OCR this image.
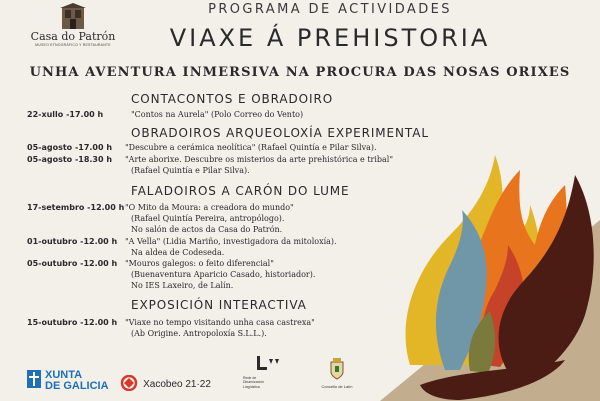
Casa do Patrón
MUSEO ETNOGRÁFICO Y RESTAURANTE
PROGRAMA DE ACTIVIDADES
VIAXE Á PREHISTORIA
UNHA AVENTURA INMERSIVA NA PROCURA DAS NOSAS ORIXES
CONTACONTOS E OBRADOIRO
22-xullo -17.00 h	"Contos na Aurela" (Polo Correo do Vento)
OBRADOIROS ARQUEOLOXÍA EXPERIMENTAL
05-agosto -17.00 h "Descubre a cerámica neolítica" (Rafael Quintía e Pilar Silva).
05-agosto -18.30 h "Arte aborixe. Descubre os misterios da arte prehistórica e tribal"
(Rafael Quintía e Pilar Silva).
FALADOIROS A CARÓN DO LUME
17-setembro -12.00 h "O Mito da Moura: a creadora do mundo"
(Rafael Quintía Pereira, antropólogo).
No salón de actos da Casa do Patrón.
01-outubro -12.00 h "A Vella" (Lidia Mariño, investigadora da mitoloxía).
Na aldea de Codeseda.
05-outubro -12.00 h "Mouros galegos: o feito diferencial"
(Buenaventura Aparicio Casado, historiador).
No IES Laxeiro, de Lalín.
EXPOSICIÓN INTERACTIVA
15-outubro -12.00 h "Viaxe no tempo visitando unha casa castrexa"
(Ab Origine. Antropoloxía S.L.L.).
XUNTA
DE GALICIA	Xacobeo 21·22
Rede de
Dinamización
Lingüística	Concello de Lalín
